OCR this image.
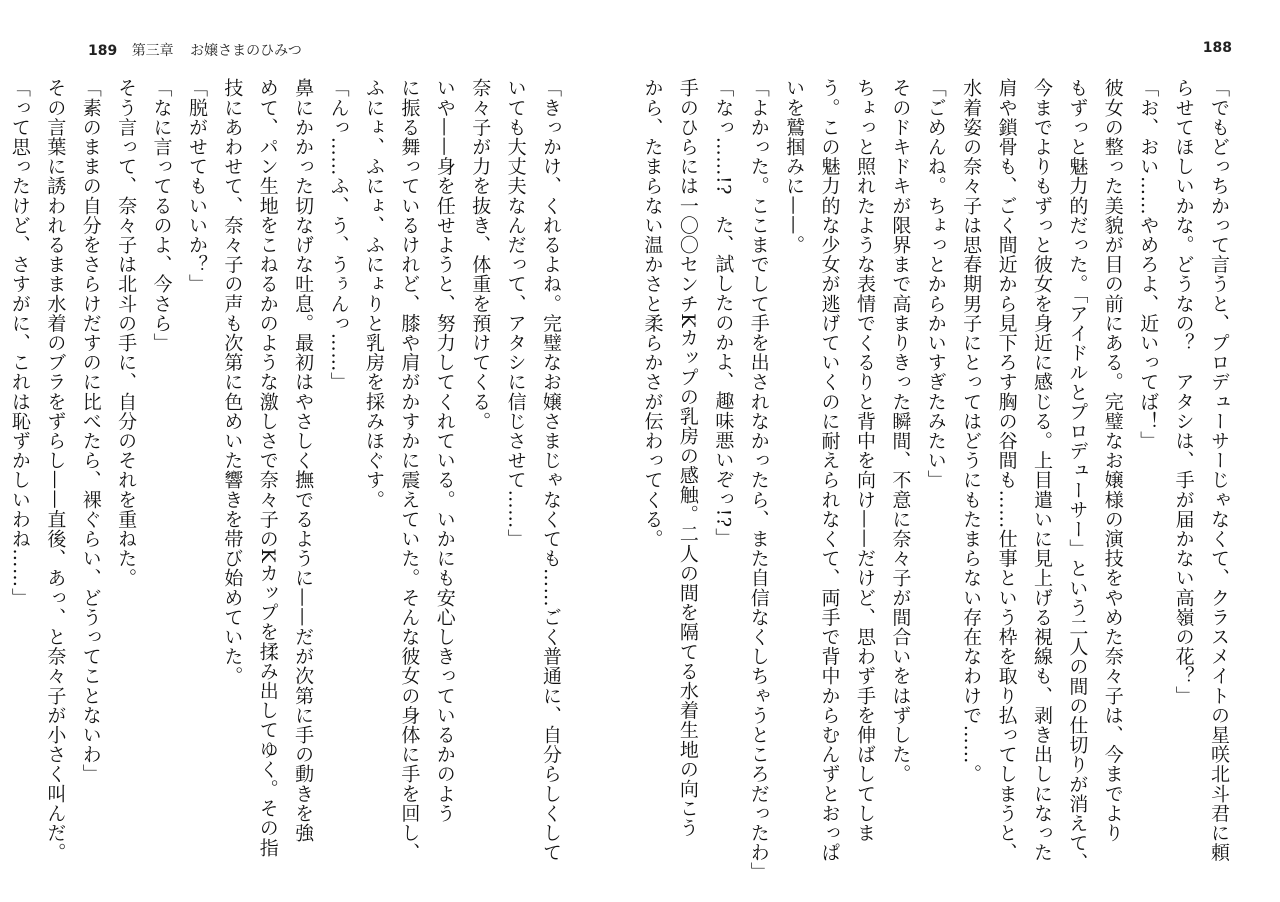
189 第三章 お嬢さまのひみつ
「きっかけ、くれるよね。完璧なお嬢さまじゃなくても……ごく普通に、自分らしくして
いても大丈夫なんだって、アタシに信じさせて……」
奈々子が力を抜き、体重を預けてくる。
いや——身を任せようと、努力してくれている。いかにも安心しきっているかのよう
に振る舞っているけれど、膝や肩がかすかに震えていた。そんな彼女の身体に手を回し、
ふにょ、ふにょ、ふにょりと乳房を採みほぐす。
「んっ……ふ、う、うぅんっ……」
鼻にかかった切なげな吐息。最初はやさしく撫でるように——だが次第に手の動きを強
めて、パン生地をこねるかのような激しさで奈々子のKカップを揉み出してゆく。その指
技にあわせて、奈々子の声も次第に色めいた響きを帯び始めていた。
「脱がせてもいいか？」
「なに言ってるのよ、今さら」
そう言って、奈々子は北斗の手に、自分のそれを重ねた。
「素のままの自分をさらけだすのに比べたら、裸ぐらい、どうってことないわ」
その言葉に誘われるまま水着のブラをずらし——直後、あっ、と奈々子が小さく叫んだ。
「って思ったけど、さすがに、これは恥ずかしいわね……」
188
「でもどっちかって言うと、プロデューサーじゃなくて、クラスメイトの星咲北斗君に頼
らせてほしいかな。どうなの？　アタシは、手が届かない高嶺の花？」
「お、おい……やめろよ、近いってば！」
彼女の整った美貌が目の前にある。完璧なお嬢様の演技をやめた奈々子は、今までより
もずっと魅力的だった。「アイドルとプロデューサー」という二人の間の仕切りが消えて、
今までよりもずっと彼女を身近に感じる。上目遣いに見上げる視線も、剥き出しになった
肩や鎖骨も、ごく間近から見下ろす胸の谷間も……仕事という枠を取り払ってしまうと、
水着姿の奈々子は思春期男子にとってはどうにもたまらない存在なわけで……。
「ごめんね。ちょっとからかいすぎたみたい」
そのドキドキが限界まで高まりきった瞬間、不意に奈々子が間合いをはずした。
ちょっと照れたような表情でくるりと背中を向け——だけど、思わず手を伸ばしてしま
う。この魅力的な少女が逃げていくのに耐えられなくて、両手で背中からむんずとおっぱ
いを鷲掴みに——。
「よかった。ここまでして手を出されなかったら、また自信なくしちゃうところだったわ」
「なっ……!?　た、試したのかよ、趣味悪いぞっ!?」
手のひらには一〇〇センチKカップの乳房の感触。二人の間を隔てる水着生地の向こう
から、たまらない温かさと柔らかさが伝わってくる。
